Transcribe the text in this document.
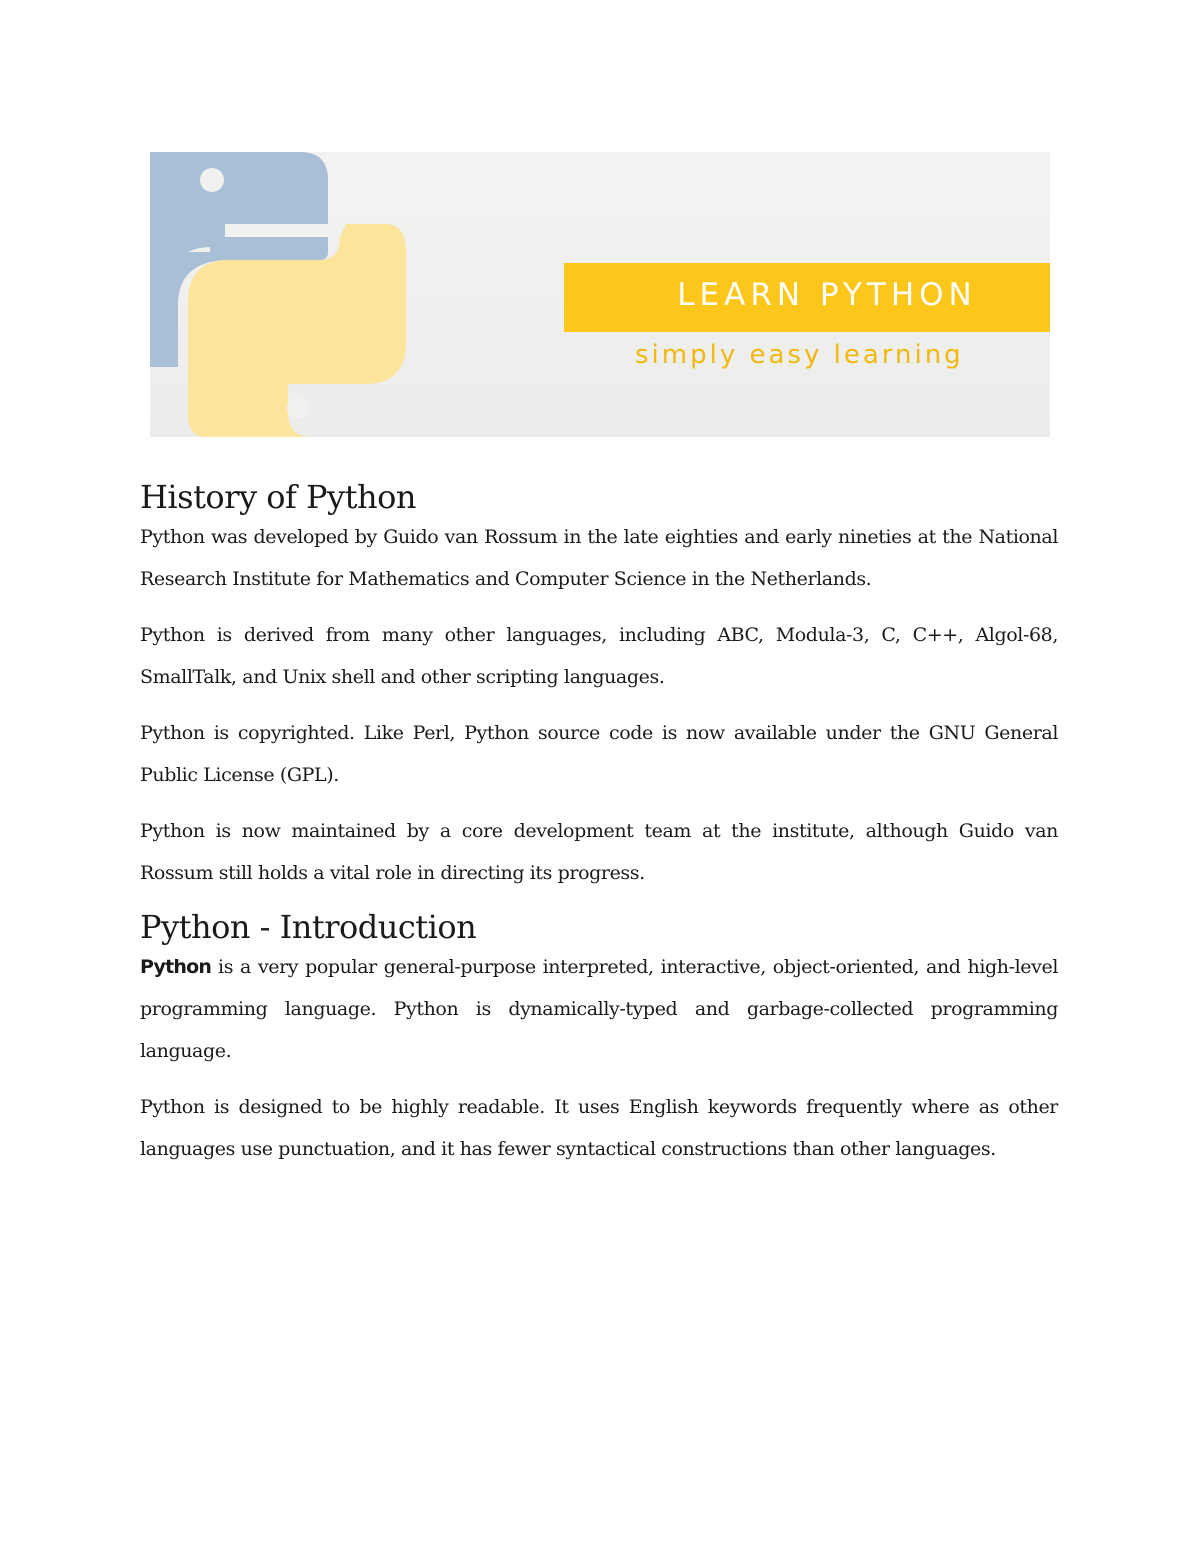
LEARN PYTHON
simply easy learning
History of Python

Python was developed by Guido van Rossum in the late eighties and early nineties at the National Research Institute for Mathematics and Computer Science in the Netherlands.

Python is derived from many other languages, including ABC, Modula-3, C, C++, Algol-68, SmallTalk, and Unix shell and other scripting languages.

Python is copyrighted. Like Perl, Python source code is now available under the GNU General Public License (GPL).

Python is now maintained by a core development team at the institute, although Guido van Rossum still holds a vital role in directing its progress.

Python - Introduction

Python is a very popular general-purpose interpreted, interactive, object-oriented, and high-level programming language. Python is dynamically-typed and garbage-collected programming language.

Python is designed to be highly readable. It uses English keywords frequently where as other languages use punctuation, and it has fewer syntactical constructions than other languages.
